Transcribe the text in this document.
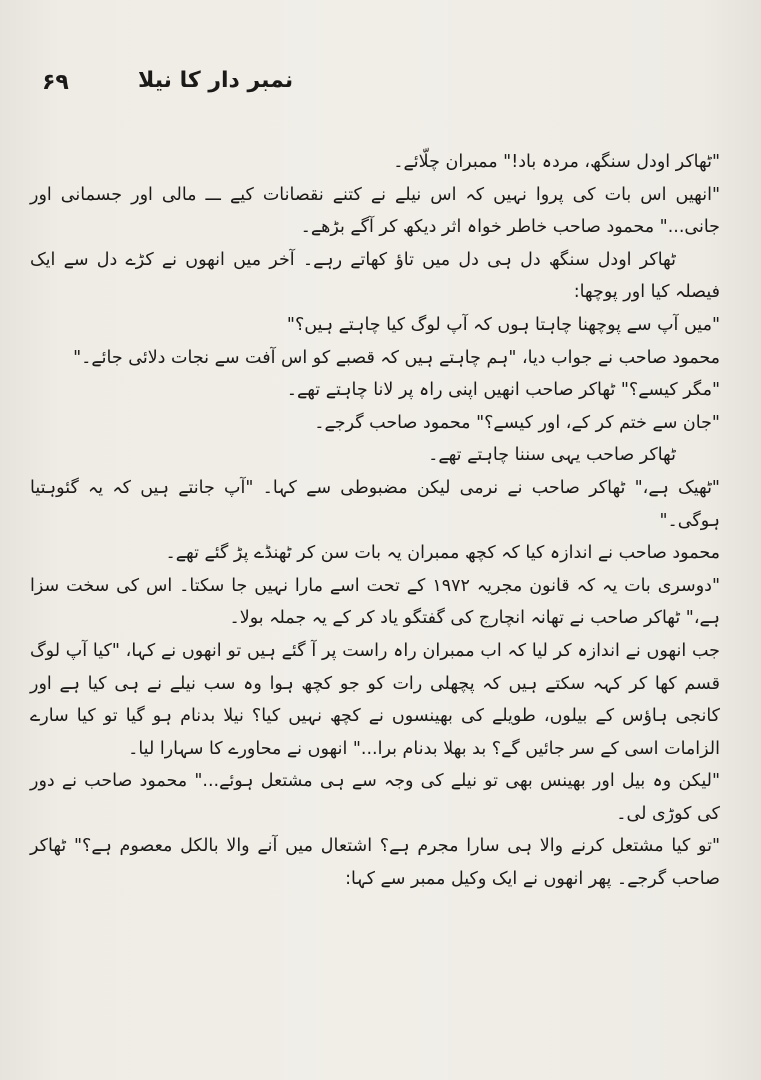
۶۹	نمبر دار کا نیلا

"ٹھاکر اودل سنگھ، مردہ باد!" ممبران چلّائے۔

"انھیں اس بات کی پروا نہیں کہ اس نیلے نے کتنے نقصانات کیے ـــ مالی اور جسمانی اور جانی..." محمود صاحب خاطر خواہ اثر دیکھ کر آگے بڑھے۔

ٹھاکر اودل سنگھ دل ہی دل میں تاؤ کھاتے رہے۔ آخر میں انھوں نے کڑے دل سے ایک فیصلہ کیا اور پوچھا:

"میں آپ سے پوچھنا چاہتا ہوں کہ آپ لوگ کیا چاہتے ہیں؟"

محمود صاحب نے جواب دیا، "ہم چاہتے ہیں کہ قصبے کو اس آفت سے نجات دلائی جائے۔"

"مگر کیسے؟" ٹھاکر صاحب انھیں اپنی راہ پر لانا چاہتے تھے۔

"جان سے ختم کر کے، اور کیسے؟" محمود صاحب گرجے۔

ٹھاکر صاحب یہی سننا چاہتے تھے۔

"ٹھیک ہے،" ٹھاکر صاحب نے نرمی لیکن مضبوطی سے کہا۔ "آپ جانتے ہیں کہ یہ گئوہتیا ہوگی۔"

محمود صاحب نے اندازہ کیا کہ کچھ ممبران یہ بات سن کر ٹھنڈے پڑ گئے تھے۔

"دوسری بات یہ کہ قانون مجریہ ۱۹۷۲ کے تحت اسے مارا نہیں جا سکتا۔ اس کی سخت سزا ہے،" ٹھاکر صاحب نے تھانہ انچارج کی گفتگو یاد کر کے یہ جملہ بولا۔

جب انھوں نے اندازہ کر لیا کہ اب ممبران راہ راست پر آ گئے ہیں تو انھوں نے کہا، "کیا آپ لوگ قسم کھا کر کہہ سکتے ہیں کہ پچھلی رات کو جو کچھ ہوا وہ سب نیلے نے ہی کیا ہے اور کانجی ہاؤس کے بیلوں، طویلے کی بھینسوں نے کچھ نہیں کیا؟ نیلا بدنام ہو گیا تو کیا سارے الزامات اسی کے سر جائیں گے؟ بد بھلا بدنام برا..." انھوں نے محاورے کا سہارا لیا۔

"لیکن وہ بیل اور بھینس بھی تو نیلے کی وجہ سے ہی مشتعل ہوئے..." محمود صاحب نے دور کی کوڑی لی۔

"تو کیا مشتعل کرنے والا ہی سارا مجرم ہے؟ اشتعال میں آنے والا بالکل معصوم ہے؟" ٹھاکر صاحب گرجے۔ پھر انھوں نے ایک وکیل ممبر سے کہا:
